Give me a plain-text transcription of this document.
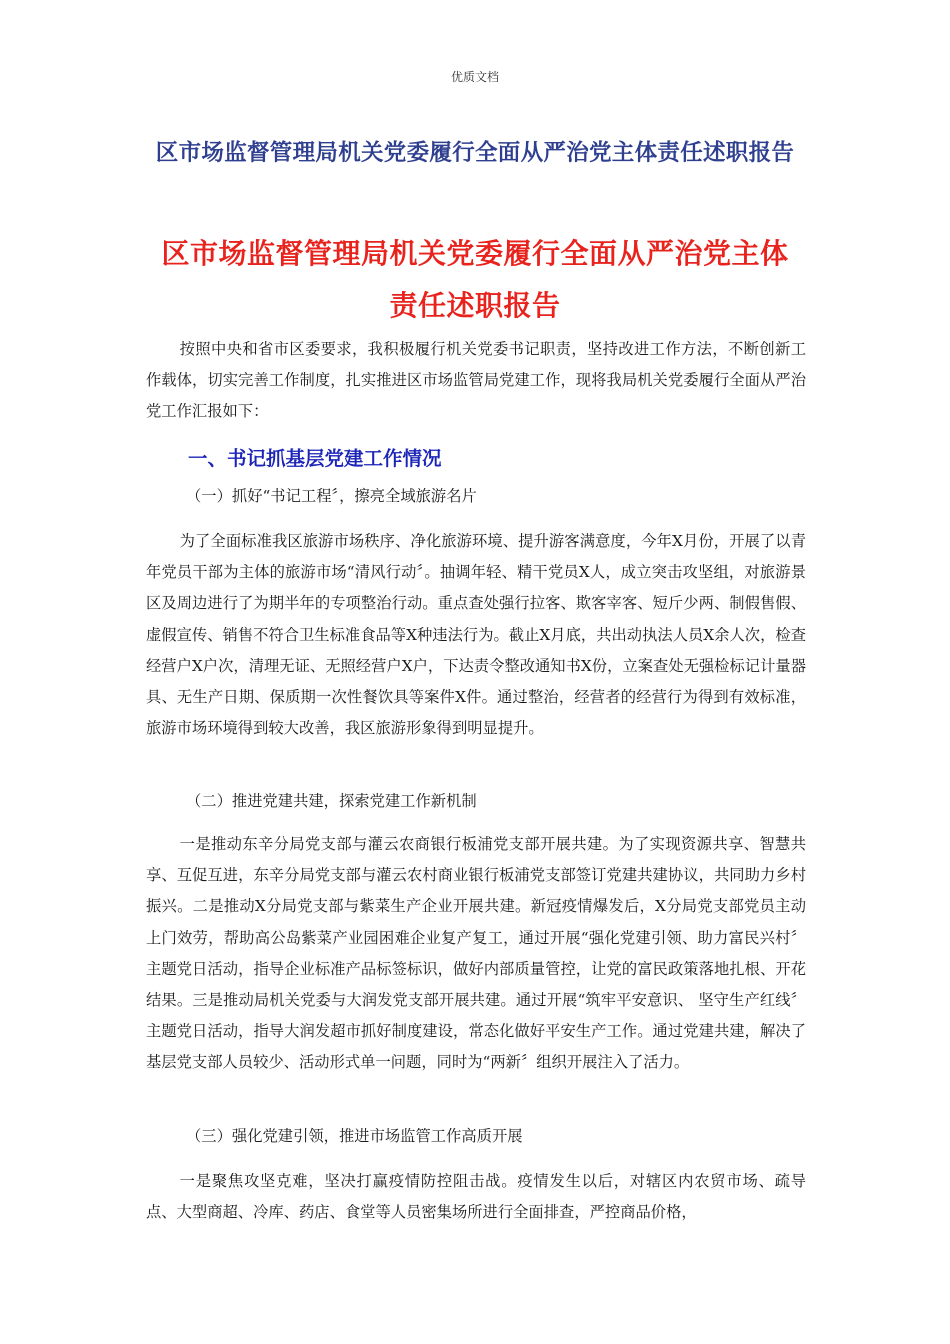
优质文档
区市场监督管理局机关党委履行全面从严治党主体责任述职报告
区市场监督管理局机关党委履行全面从严治党主体责任述职报告

按照中央和省市区委要求，我积极履行机关党委书记职责，坚持改进工作方法，不断创新工作载体，切实完善工作制度，扎实推进区市场监管局党建工作，现将我局机关党委履行全面从严治党工作汇报如下：

一、书记抓基层党建工作情况

（一）抓好“书记工程〞，擦亮全域旅游名片

为了全面标准我区旅游市场秩序、净化旅游环境、提升游客满意度，今年X月份，开展了以青年党员干部为主体的旅游市场“清风行动〞。抽调年轻、精干党员X人，成立突击攻坚组，对旅游景区及周边进行了为期半年的专项整治行动。重点查处强行拉客、欺客宰客、短斤少两、制假售假、虚假宣传、销售不符合卫生标准食品等X种违法行为。截止X月底，共出动执法人员X余人次，检查经营户X户次，清理无证、无照经营户X户，下达责令整改通知书X份，立案查处无强检标记计量器具、无生产日期、保质期一次性餐饮具等案件X件。通过整治，经营者的经营行为得到有效标准，旅游市场环境得到较大改善，我区旅游形象得到明显提升。

（二）推进党建共建，探索党建工作新机制

一是推动东辛分局党支部与灌云农商银行板浦党支部开展共建。为了实现资源共享、智慧共享、互促互进，东辛分局党支部与灌云农村商业银行板浦党支部签订党建共建协议，共同助力乡村振兴。二是推动X分局党支部与紫菜生产企业开展共建。新冠疫情爆发后，X分局党支部党员主动上门效劳，帮助高公岛紫菜产业园困难企业复产复工，通过开展“强化党建引领、助力富民兴村〞主题党日活动，指导企业标准产品标签标识，做好内部质量管控，让党的富民政策落地扎根、开花结果。三是推动局机关党委与大润发党支部开展共建。通过开展“筑牢平安意识、 坚守生产红线〞主题党日活动，指导大润发超市抓好制度建设，常态化做好平安生产工作。通过党建共建，解决了基层党支部人员较少、活动形式单一问题，同时为“两新〞组织开展注入了活力。

（三）强化党建引领，推进市场监管工作高质开展

一是聚焦攻坚克难，坚决打赢疫情防控阻击战。疫情发生以后，对辖区内农贸市场、疏导点、大型商超、冷库、药店、食堂等人员密集场所进行全面排查，严控商品价格，
